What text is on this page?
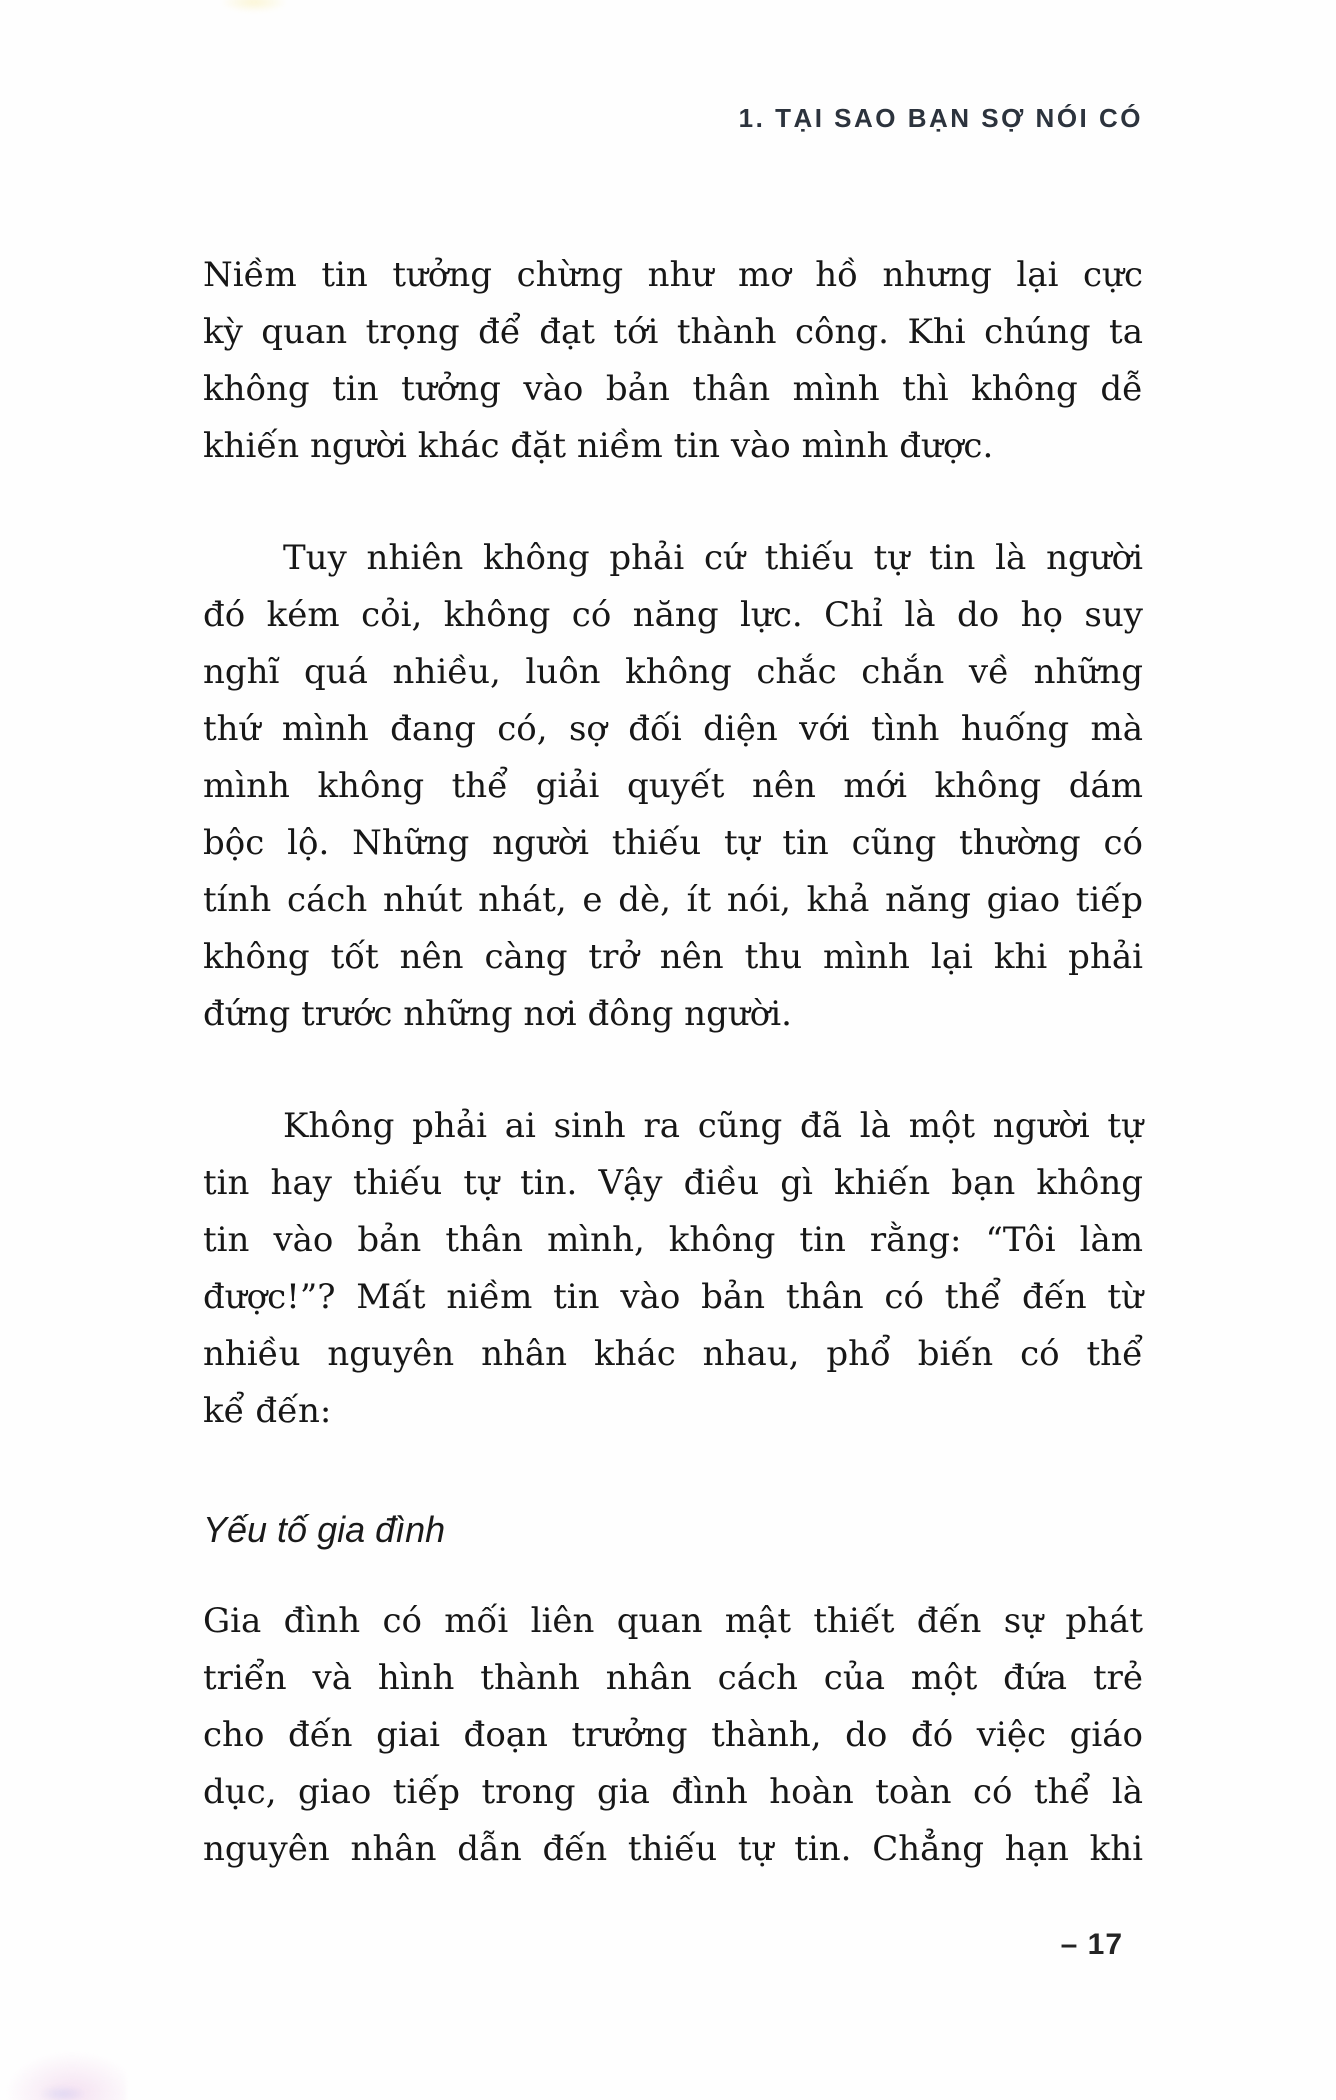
1. TẠI SAO BẠN SỢ NÓI CÓ
Niềm tin tưởng chừng như mơ hồ nhưng lại cực
kỳ quan trọng để đạt tới thành công. Khi chúng ta
không tin tưởng vào bản thân mình thì không dễ
khiến người khác đặt niềm tin vào mình được.
Tuy nhiên không phải cứ thiếu tự tin là người
đó kém cỏi, không có năng lực. Chỉ là do họ suy
nghĩ quá nhiều, luôn không chắc chắn về những
thứ mình đang có, sợ đối diện với tình huống mà
mình không thể giải quyết nên mới không dám
bộc lộ. Những người thiếu tự tin cũng thường có
tính cách nhút nhát, e dè, ít nói, khả năng giao tiếp
không tốt nên càng trở nên thu mình lại khi phải
đứng trước những nơi đông người.
Không phải ai sinh ra cũng đã là một người tự
tin hay thiếu tự tin. Vậy điều gì khiến bạn không
tin vào bản thân mình, không tin rằng: “Tôi làm
được!”? Mất niềm tin vào bản thân có thể đến từ
nhiều nguyên nhân khác nhau, phổ biến có thể
kể đến:
Yếu tố gia đình
Gia đình có mối liên quan mật thiết đến sự phát
triển và hình thành nhân cách của một đứa trẻ
cho đến giai đoạn trưởng thành, do đó việc giáo
dục, giao tiếp trong gia đình hoàn toàn có thể là
nguyên nhân dẫn đến thiếu tự tin. Chẳng hạn khi
– 17
